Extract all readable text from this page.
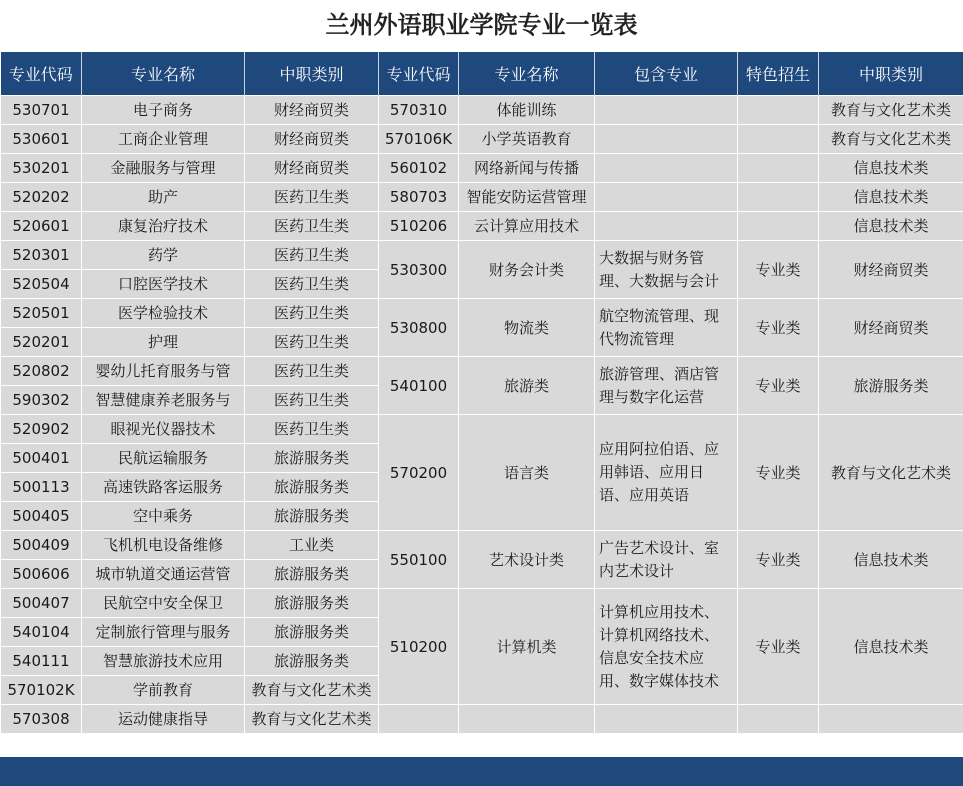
兰州外语职业学院专业一览表
专业代码	专业名称	中职类别	专业代码	专业名称	包含专业	特色招生	中职类别
530701	电子商务	财经商贸类	570310	体能训练			教育与文化艺术类
530601	工商企业管理	财经商贸类	570106K	小学英语教育			教育与文化艺术类
530201	金融服务与管理	财经商贸类	560102	网络新闻与传播			信息技术类
520202	助产	医药卫生类	580703	智能安防运营管理			信息技术类
520601	康复治疗技术	医药卫生类	510206	云计算应用技术			信息技术类
520301	药学	医药卫生类	530300	财务会计类	大数据与财务管理、大数据与会计	专业类	财经商贸类
520504	口腔医学技术	医药卫生类					
520501	医学检验技术	医药卫生类	530800	物流类	航空物流管理、现代物流管理	专业类	财经商贸类
520201	护理	医药卫生类					
520802	婴幼儿托育服务与管	医药卫生类	540100	旅游类	旅游管理、酒店管理与数字化运营	专业类	旅游服务类
590302	智慧健康养老服务与	医药卫生类					
520902	眼视光仪器技术	医药卫生类	570200	语言类	应用阿拉伯语、应用韩语、应用日语、应用英语	专业类	教育与文化艺术类
500401	民航运输服务	旅游服务类					
500113	高速铁路客运服务	旅游服务类					
500405	空中乘务	旅游服务类					
500409	飞机机电设备维修	工业类	550100	艺术设计类	广告艺术设计、室内艺术设计	专业类	信息技术类
500606	城市轨道交通运营管	旅游服务类					
500407	民航空中安全保卫	旅游服务类	510200	计算机类	计算机应用技术、计算机网络技术、信息安全技术应用、数字媒体技术	专业类	信息技术类
540104	定制旅行管理与服务	旅游服务类					
540111	智慧旅游技术应用	旅游服务类					
570102K	学前教育	教育与文化艺术类					
570308	运动健康指导	教育与文化艺术类					
